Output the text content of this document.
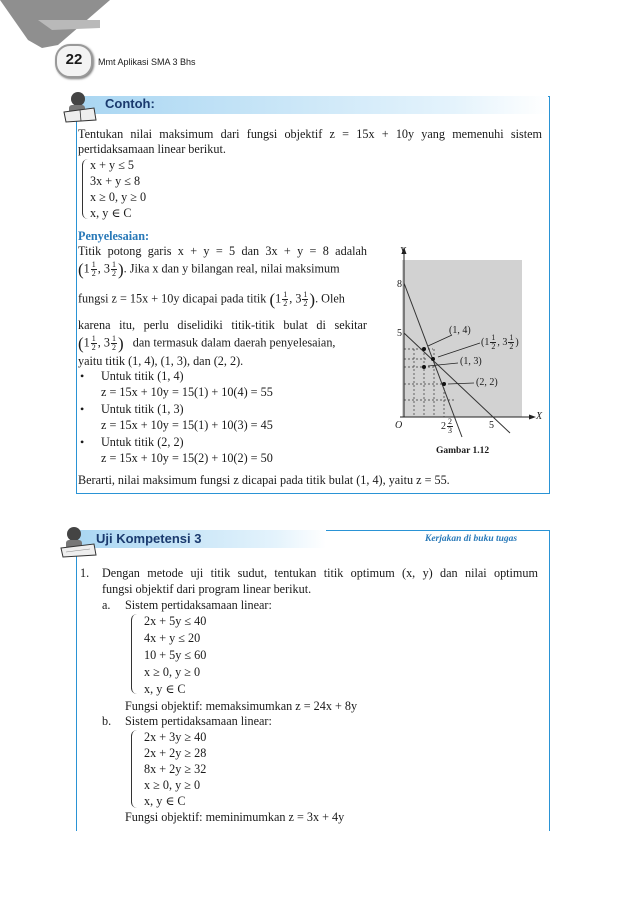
22	Mmt Aplikasi SMA 3 Bhs
Contoh:
Tentukan nilai maksimum dari fungsi objektif z = 15x + 10y yang memenuhi sistem
pertidaksamaan linear berikut.
x + y ≤ 5
3x + y ≤ 8
x ≥ 0, y ≥ 0
x, y ∈ C
Penyelesaian:
Titik potong garis x + y = 5 dan 3x + y = 8 adalah
($1 \frac{1}{2}$ , $3 \frac{1}{2}$ ). Jika x dan y bilangan real, nilai maksimum
fungsi z = 15x + 10y dicapai pada titik ($1 \frac{1}{2}$ , $3 \frac{1}{2}$ ). Oleh
karena itu, perlu diselidiki titik-titik bulat di sekitar
($1 \frac{1}{2}$ , $3 \frac{1}{2}$ ) dan termasuk dalam daerah penyelesaian,
yaitu titik (1, 4), (1, 3), dan (2, 2).
• Untuk titik (1, 4)
z = 15x + 10y = 15(1) + 10(4) = 55
• Untuk titik (1, 3)
z = 15x + 10y = 15(1) + 10(3) = 45
• Untuk titik (2, 2)
z = 15x + 10y = 15(2) + 10(2) = 50
Berarti, nilai maksimum fungsi z dicapai pada titik bulat (1, 4), yaitu z = 55.
Y
X
O
8
5
5
$2 \frac{2}{3}$
(1, 4)
($1 \frac{1}{2}$ , $3 \frac{1}{2}$ )
(1, 3)
(2, 2)
Gambar 1.12
Uji Kompetensi 3	Kerjakan di buku tugas
1. Dengan metode uji titik sudut, tentukan titik optimum (x, y) dan nilai optimum
fungsi objektif dari program linear berikut.
a. Sistem pertidaksamaan linear:
2x + 5y ≤ 40
4x + y ≤ 20
10 + 5y ≤ 60
x ≥ 0, y ≥ 0
x, y ∈ C
Fungsi objektif: memaksimumkan z = 24x + 8y
b. Sistem pertidaksamaan linear:
2x + 3y ≥ 40
2x + 2y ≥ 28
8x + 2y ≥ 32
x ≥ 0, y ≥ 0
x, y ∈ C
Fungsi objektif: meminimumkan z = 3x + 4y
